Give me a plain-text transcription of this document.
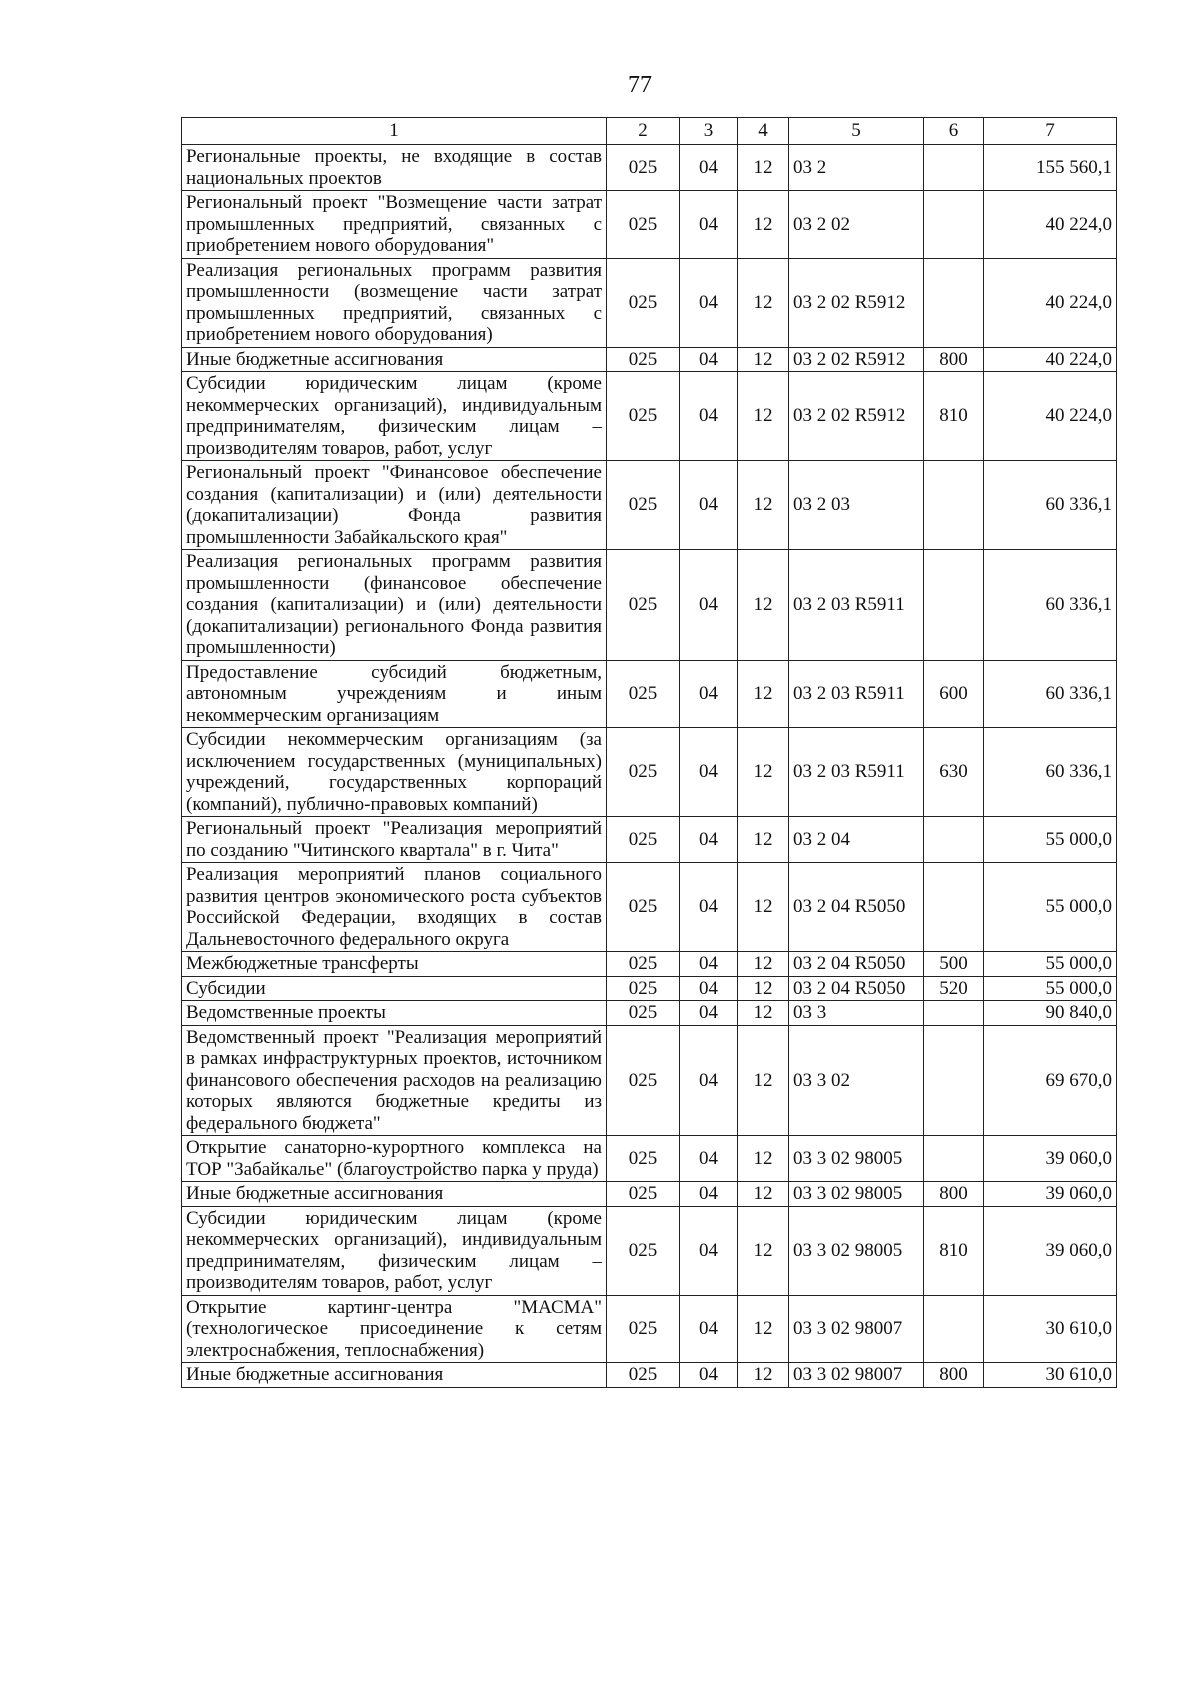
77
1	2	3	4	5	6	7
Региональные проекты, не входящие в состав национальных проектов	025	04	12	03 2		155 560,1
Региональный проект "Возмещение части затрат промышленных предприятий, связанных с приобретением нового оборудования"	025	04	12	03 2 02		40 224,0
Реализация региональных программ развития промышленности (возмещение части затрат промышленных предприятий, связанных с приобретением нового оборудования)	025	04	12	03 2 02 R5912		40 224,0
Иные бюджетные ассигнования	025	04	12	03 2 02 R5912	800	40 224,0
Субсидии юридическим лицам (кроме некоммерческих организаций), индивидуальным предпринимателям, физическим лицам – производителям товаров, работ, услуг	025	04	12	03 2 02 R5912	810	40 224,0
Региональный проект "Финансовое обеспечение создания (капитализации) и (или) деятельности (докапитализации) Фонда развития промышленности Забайкальского края"	025	04	12	03 2 03		60 336,1
Реализация региональных программ развития промышленности (финансовое обеспечение создания (капитализации) и (или) деятельности (докапитализации) регионального Фонда развития промышленности)	025	04	12	03 2 03 R5911		60 336,1
Предоставление субсидий бюджетным, автономным учреждениям и иным некоммерческим организациям	025	04	12	03 2 03 R5911	600	60 336,1
Субсидии некоммерческим организациям (за исключением государственных (муниципальных) учреждений, государственных корпораций (компаний), публично-правовых компаний)	025	04	12	03 2 03 R5911	630	60 336,1
Региональный проект "Реализация мероприятий по созданию "Читинского квартала" в г. Чита"	025	04	12	03 2 04		55 000,0
Реализация мероприятий планов социального развития центров экономического роста субъектов Российской Федерации, входящих в состав Дальневосточного федерального округа	025	04	12	03 2 04 R5050		55 000,0
Межбюджетные трансферты	025	04	12	03 2 04 R5050	500	55 000,0
Субсидии	025	04	12	03 2 04 R5050	520	55 000,0
Ведомственные проекты	025	04	12	03 3		90 840,0
Ведомственный проект "Реализация мероприятий в рамках инфраструктурных проектов, источником финансового обеспечения расходов на реализацию которых являются бюджетные кредиты из федерального бюджета"	025	04	12	03 3 02		69 670,0
Открытие санаторно-курортного комплекса на ТОР "Забайкалье" (благоустройство парка у пруда)	025	04	12	03 3 02 98005		39 060,0
Иные бюджетные ассигнования	025	04	12	03 3 02 98005	800	39 060,0
Субсидии юридическим лицам (кроме некоммерческих организаций), индивидуальным предпринимателям, физическим лицам – производителям товаров, работ, услуг	025	04	12	03 3 02 98005	810	39 060,0
Открытие картинг-центра "МАСМА" (технологическое присоединение к сетям электроснабжения, теплоснабжения)	025	04	12	03 3 02 98007		30 610,0
Иные бюджетные ассигнования	025	04	12	03 3 02 98007	800	30 610,0
